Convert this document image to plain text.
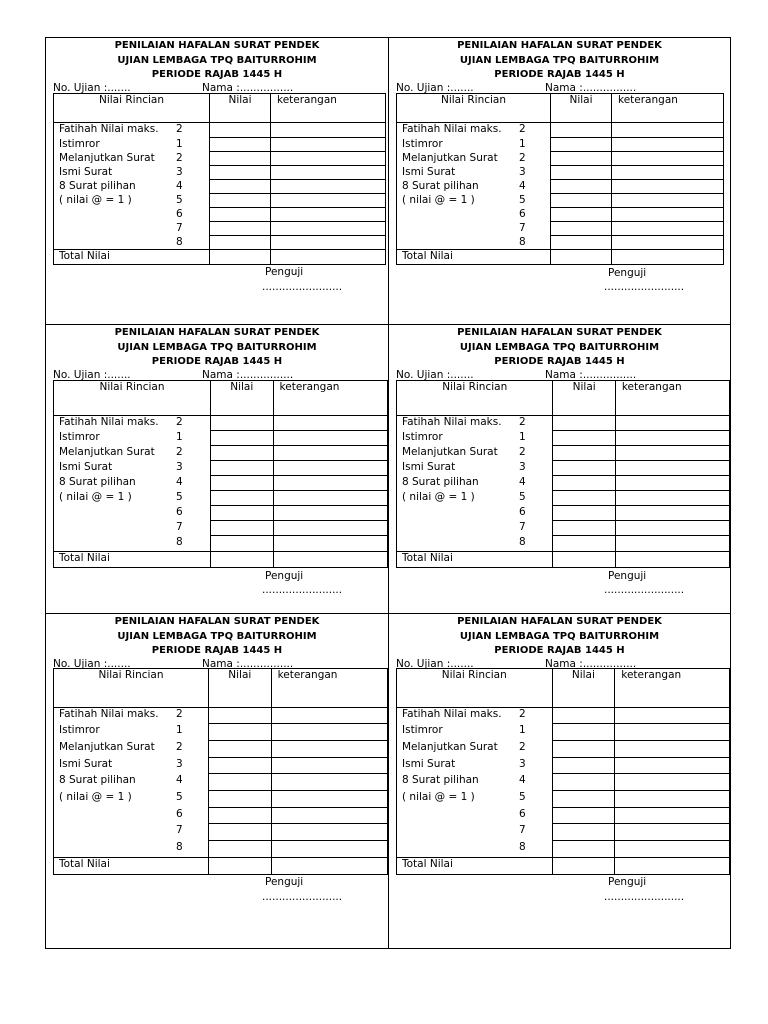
PENILAIAN HAFALAN SURAT PENDEK
UJIAN LEMBAGA TPQ BAITURROHIM
PERIODE RAJAB 1445 H
No. Ujian :.......	Nama :................
Nilai Rincian	Nilai	keterangan

Fatihah Nilai maks. 2		

Istimror 1		

Melanjutkan Surat 2		

Ismi Surat 3		

8 Surat pilihan 4		

( nilai @ = 1 ) 5		

6		

7		

8		

Total Nilai		
Penguji
........................
PENILAIAN HAFALAN SURAT PENDEK
UJIAN LEMBAGA TPQ BAITURROHIM
PERIODE RAJAB 1445 H
No. Ujian :.......	Nama :................
Nilai Rincian	Nilai	keterangan

Fatihah Nilai maks. 2		

Istimror 1		

Melanjutkan Surat 2		

Ismi Surat 3		

8 Surat pilihan 4		

( nilai @ = 1 ) 5		

6		

7		

8		

Total Nilai		
Penguji
........................
PENILAIAN HAFALAN SURAT PENDEK
UJIAN LEMBAGA TPQ BAITURROHIM
PERIODE RAJAB 1445 H
No. Ujian :.......	Nama :................
Nilai Rincian	Nilai	keterangan

Fatihah Nilai maks. 2		

Istimror 1		

Melanjutkan Surat 2		

Ismi Surat 3		

8 Surat pilihan 4		

( nilai @ = 1 ) 5		

6		

7		

8		

Total Nilai		
Penguji
........................
PENILAIAN HAFALAN SURAT PENDEK
UJIAN LEMBAGA TPQ BAITURROHIM
PERIODE RAJAB 1445 H
No. Ujian :.......	Nama :................
Nilai Rincian	Nilai	keterangan

Fatihah Nilai maks. 2		

Istimror 1		

Melanjutkan Surat 2		

Ismi Surat 3		

8 Surat pilihan 4		

( nilai @ = 1 ) 5		

6		

7		

8		

Total Nilai		
Penguji
........................
PENILAIAN HAFALAN SURAT PENDEK
UJIAN LEMBAGA TPQ BAITURROHIM
PERIODE RAJAB 1445 H
No. Ujian :.......	Nama :................
Nilai Rincian	Nilai	keterangan

Fatihah Nilai maks. 2		

Istimror 1		

Melanjutkan Surat 2		

Ismi Surat 3		

8 Surat pilihan 4		

( nilai @ = 1 ) 5		

6		

7		

8		

Total Nilai		
Penguji
........................
PENILAIAN HAFALAN SURAT PENDEK
UJIAN LEMBAGA TPQ BAITURROHIM
PERIODE RAJAB 1445 H
No. Ujian :.......	Nama :................
Nilai Rincian	Nilai	keterangan

Fatihah Nilai maks. 2		

Istimror 1		

Melanjutkan Surat 2		

Ismi Surat 3		

8 Surat pilihan 4		

( nilai @ = 1 ) 5		

6		

7		

8		

Total Nilai		
Penguji
........................
